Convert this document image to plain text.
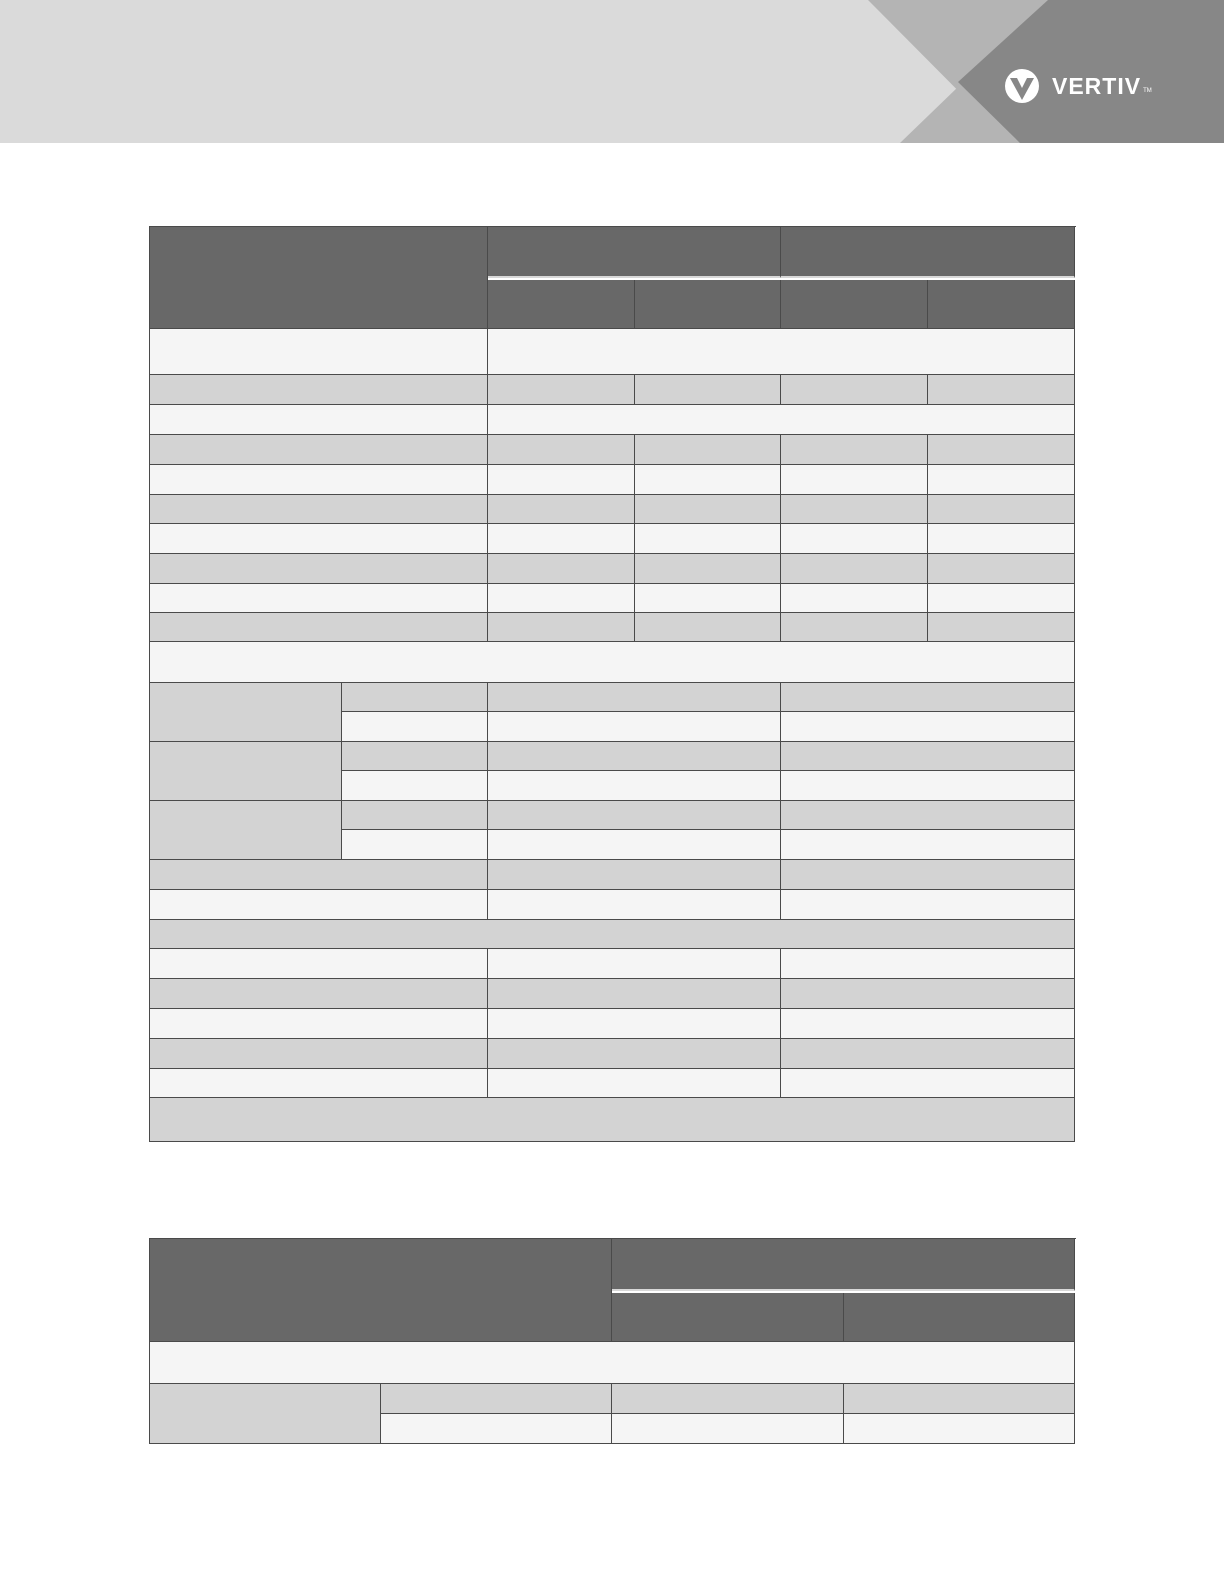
VERTIV TM
